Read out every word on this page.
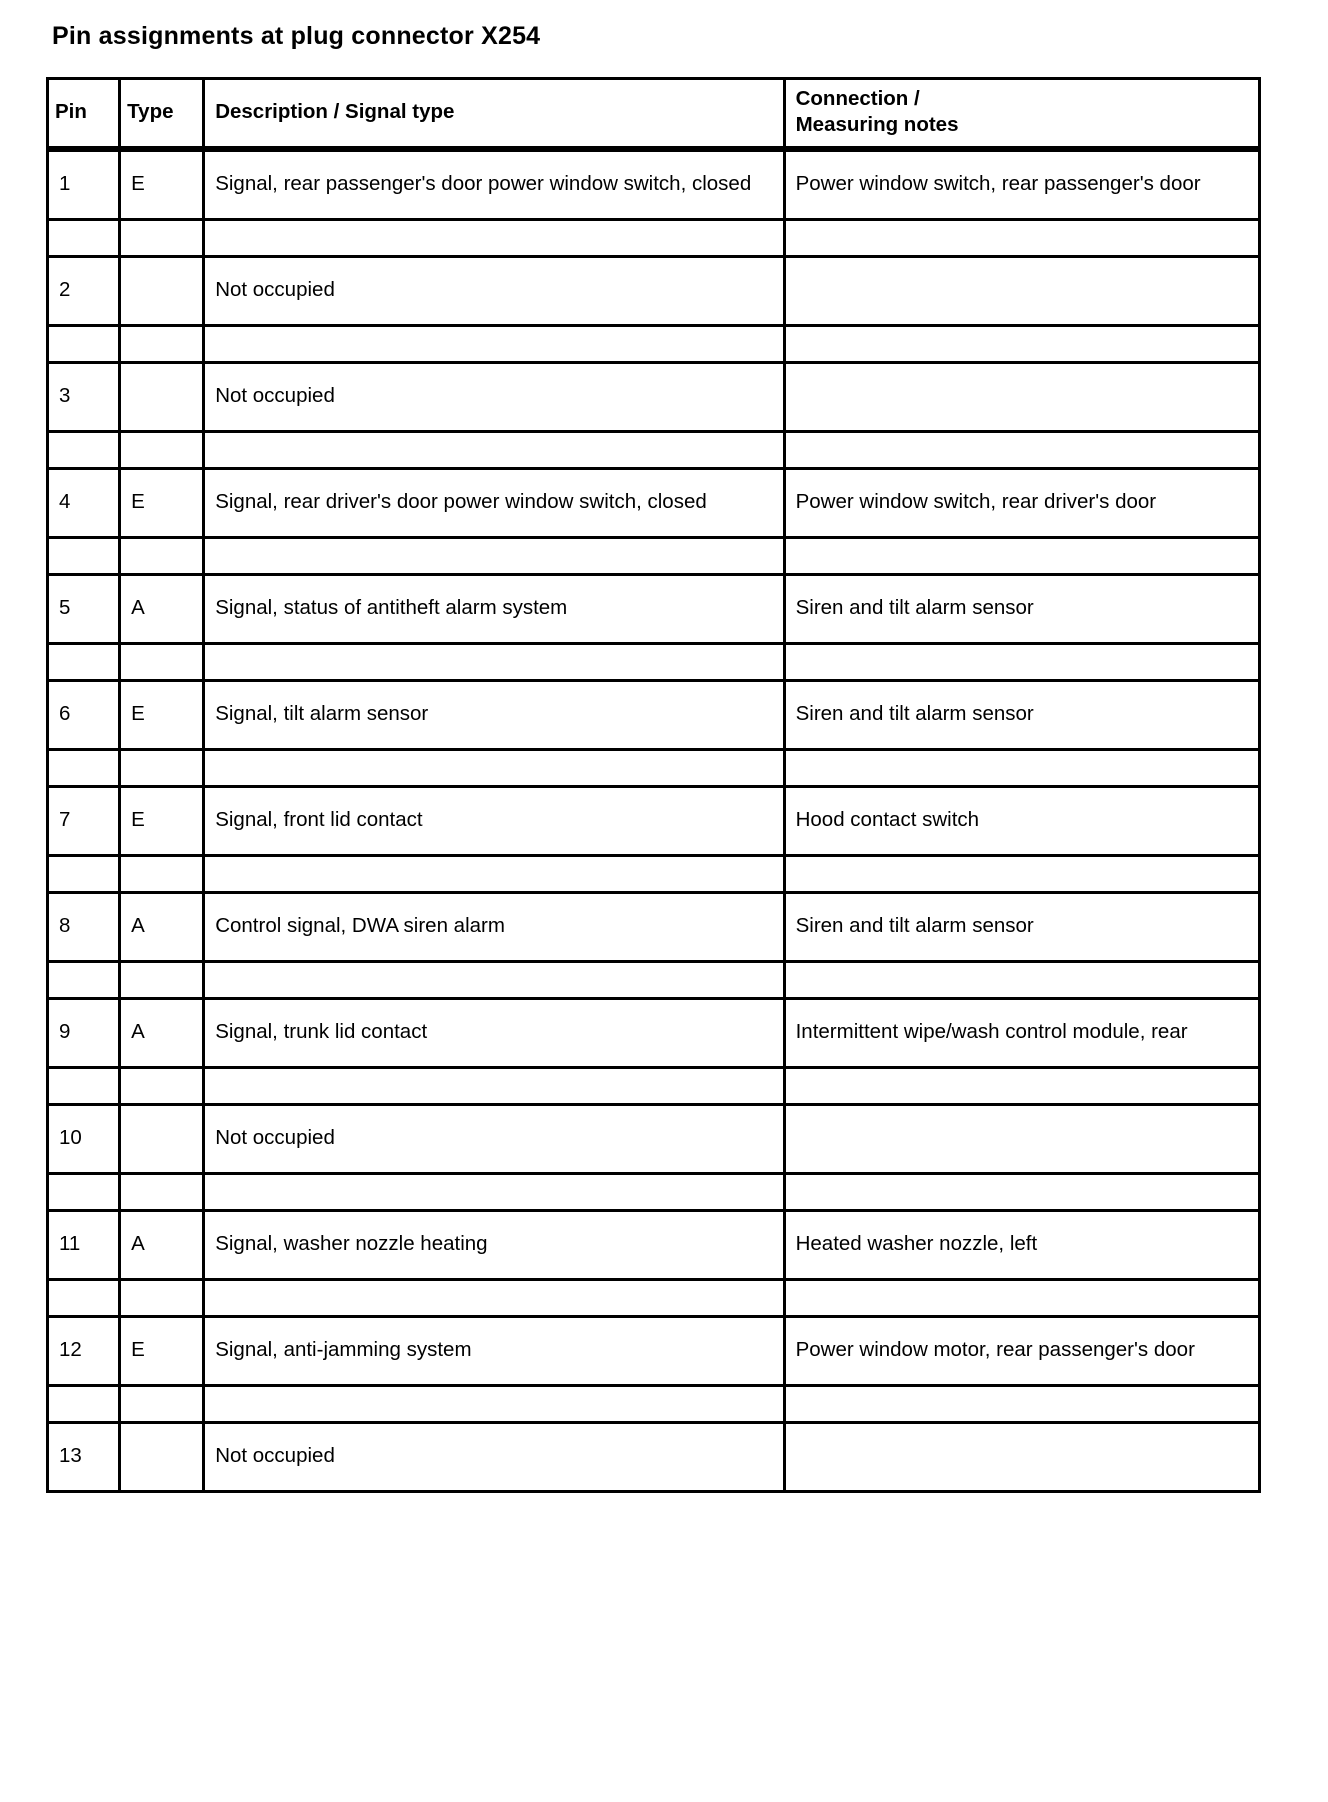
Pin assignments at plug connector X254
Pin	Type	Description / Signal type	Connection /
Measuring notes

1	E	Signal, rear passenger's door power window switch, closed	Power window switch, rear passenger's door

2		Not occupied	

3		Not occupied	

4	E	Signal, rear driver's door power window switch, closed	Power window switch, rear driver's door

5	A	Signal, status of antitheft alarm system	Siren and tilt alarm sensor

6	E	Signal, tilt alarm sensor	Siren and tilt alarm sensor

7	E	Signal, front lid contact	Hood contact switch

8	A	Control signal, DWA siren alarm	Siren and tilt alarm sensor

9	A	Signal, trunk lid contact	Intermittent wipe/wash control module, rear

10		Not occupied	

11	A	Signal, washer nozzle heating	Heated washer nozzle, left

12	E	Signal, anti-jamming system	Power window motor, rear passenger's door

13		Not occupied	
